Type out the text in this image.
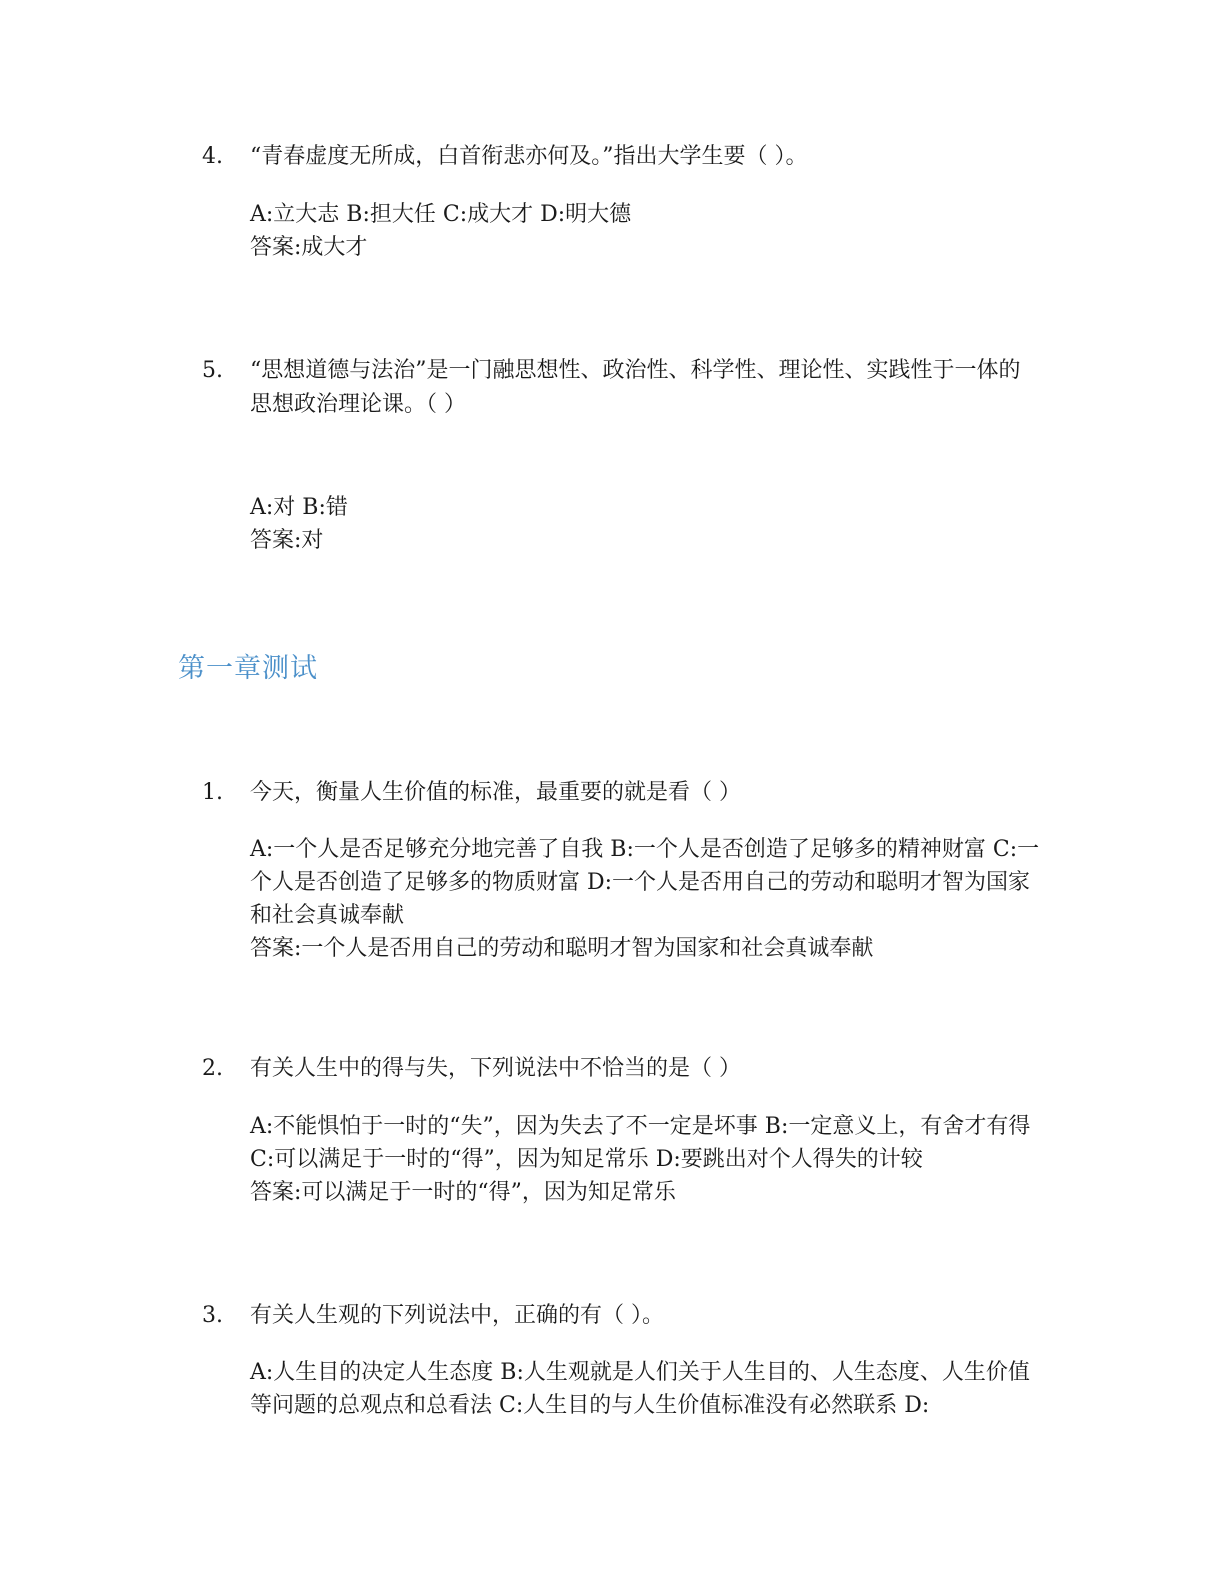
4.	“青春虚度无所成，白首衔悲亦何及。”指出大学生要（ ）。

A:立大志 B:担大任 C:成大才 D:明大德

答案:成大才

5.	“思想道德与法治”是一门融思想性、政治性、科学性、理论性、实践性于一体的思想政治理论课。（ ）

A:对 B:错

答案:对

第一章测试
1.	今天，衡量人生价值的标准，最重要的就是看（ ）

A:一个人是否足够充分地完善了自我 B:一个人是否创造了足够多的精神财富 C:一个人是否创造了足够多的物质财富 D:一个人是否用自己的劳动和聪明才智为国家和社会真诚奉献

答案:一个人是否用自己的劳动和聪明才智为国家和社会真诚奉献

2.	有关人生中的得与失，下列说法中不恰当的是（ ）

A:不能惧怕于一时的“失”，因为失去了不一定是坏事 B:一定意义上，有舍才有得 C:可以满足于一时的“得”，因为知足常乐 D:要跳出对个人得失的计较

答案:可以满足于一时的“得”，因为知足常乐

3.	有关人生观的下列说法中，正确的有（ ）。

A:人生目的决定人生态度 B:人生观就是人们关于人生目的、人生态度、人生价值等问题的总观点和总看法 C:人生目的与人生价值标准没有必然联系 D:
